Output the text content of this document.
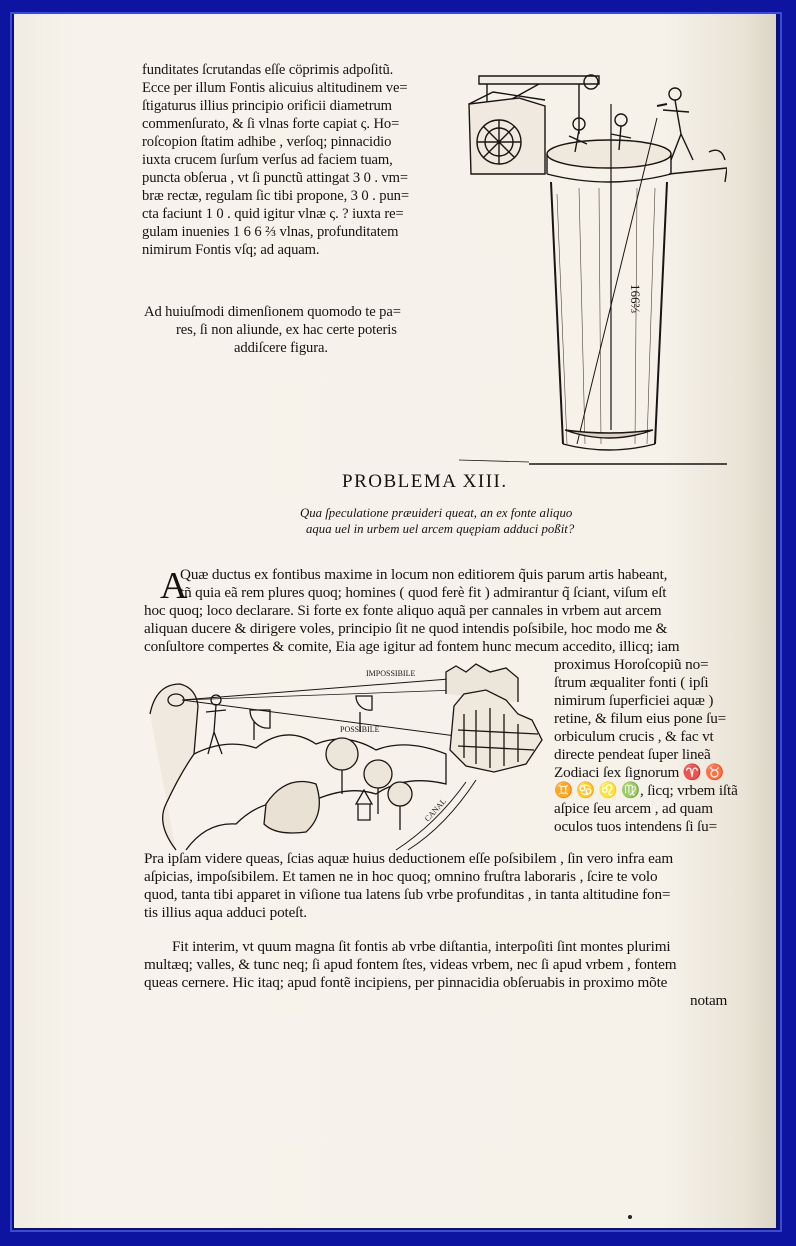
funditates ſcrutandas eſſe cöprimis adpoſitũ.
Ecce per illum Fontis alicuius altitudinem ve=
ſtigaturus illius principio orificii diametrum
commenſurato, & ſi vlnas forte capiat ς. Ho=
roſcopion ſtatim adhibe , verſoq; pinnacidio
iuxta crucem ſurſum verſus ad faciem tuam,
puncta obſerua , vt ſi punctũ attingat 3 0 . vm=
bræ rectæ, regulam ſic tibi propone, 3 0 . pun=
cta faciunt 1 0 . quid igitur vlnæ ς. ? iuxta re=
gulam inuenies 1 6 6 ⅔ vlnas, profunditatem
nimirum Fontis vſq; ad aquam.
Ad huiuſmodi dimenſionem quomodo te pa=
res, ſi non aliunde, ex hac certe poteris
addiſcere figura.
166⅔
PROBLEMA XIII.
Qua ſpeculatione præuideri queat, an ex fonte aliquo
aqua uel in urbem uel arcem quępiam adduci poßit?
A
Quæ ductus ex fontibus maxime in locum non editiorem q̃uis parum artis habeant,
tñ quia eã rem plures quoq; homines ( quod ferè fit ) admirantur q̃ ſciant, viſum eſt
hoc quoq; loco declarare. Si forte ex fonte aliquo aquã per cannales in vrbem aut arcem
aliquan ducere & dirigere voles, principio ſit ne quod intendis poſsibile, hoc modo me &
conſultore compertes & comite, Eia age igitur ad fontem hunc mecum accedito, illicq; iam
IMPOSSIBILE
POSSIBILE
CANAL
proximus Horoſcopiũ no=
ſtrum æqualiter fonti ( ipſi
nimirum ſuperficiei aquæ )
retine, & filum eius pone ſu=
orbiculum crucis , & fac vt
directe pendeat ſuper lineã
Zodiaci ſex ſignorum ♈ ♉
♊ ♋ ♌ ♍, ſicq; vrbem iſtã
aſpice ſeu arcem , ad quam
oculos tuos intendens ſi ſu=
Pra ipſam videre queas, ſcias aquæ huius deductionem eſſe poſsibilem , ſin vero infra eam
aſpicias, impoſsibilem. Et tamen ne in hoc quoq; omnino fruſtra laboraris , ſcire te volo
quod, tanta tibi apparet in viſione tua latens ſub vrbe profunditas , in tanta altitudine fon=
tis illius aqua adduci poteſt.
Fit interim, vt quum magna ſit fontis ab vrbe diſtantia, interpoſiti ſint montes plurimi
multæq; valles, & tunc neq; ſi apud fontem ſtes, videas vrbem, nec ſi apud vrbem , fontem
queas cernere. Hic itaq; apud fontẽ incipiens, per pinnacidia obſeruabis in proximo mõte
notam
